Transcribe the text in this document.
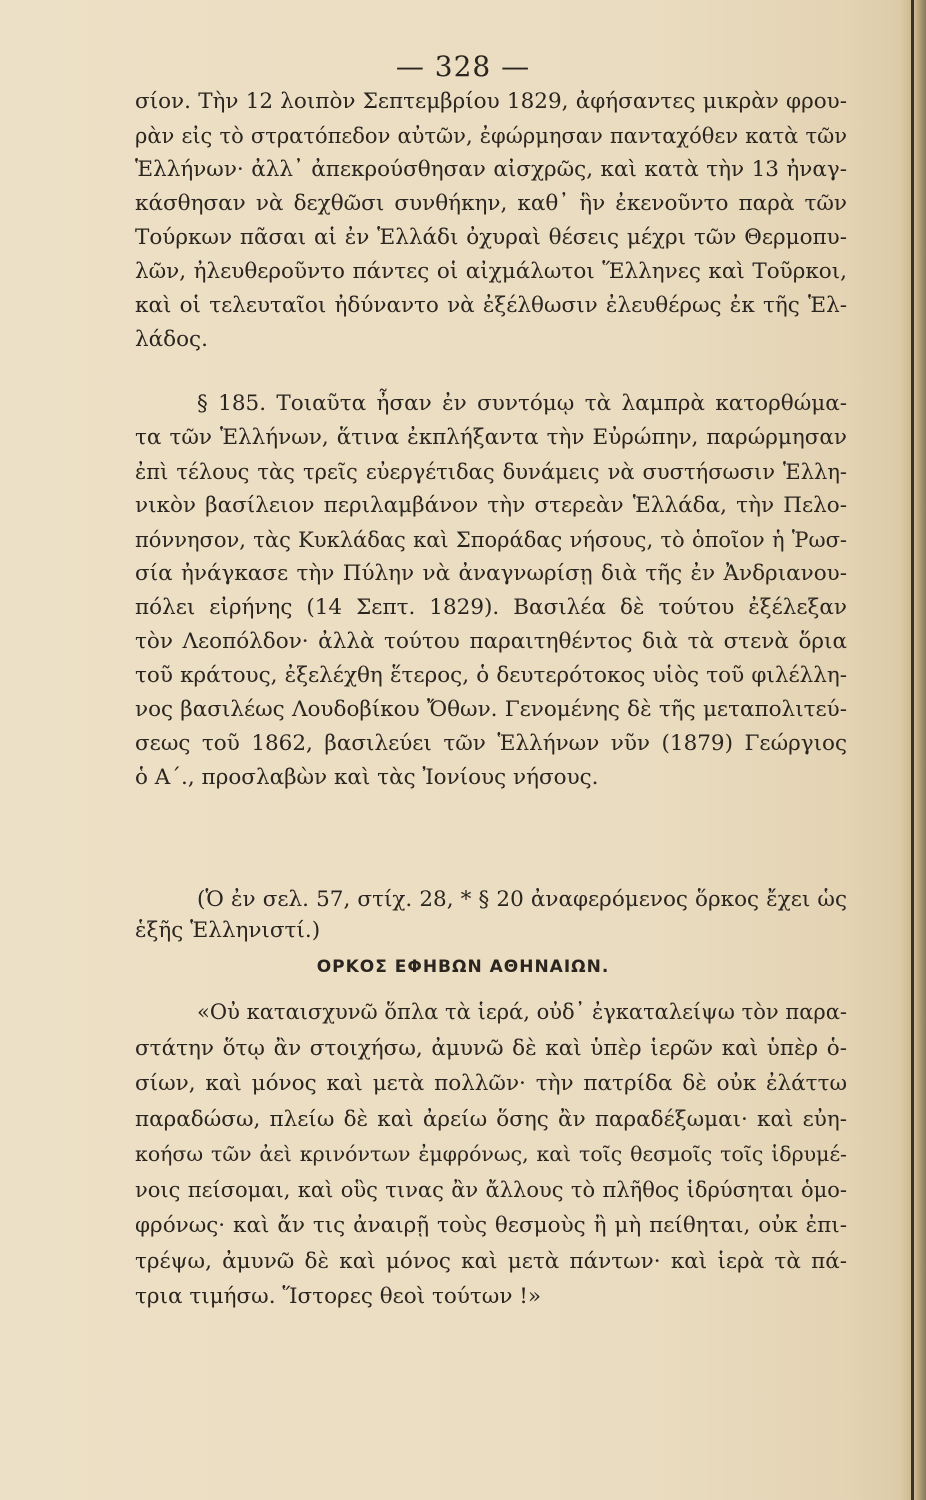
— 328 —
σίον. Τὴν 12 λοιπὸν Σεπτεμβρίου 1829, ἀφήσαντες μικρὰν φρου-
ρὰν εἰς τὸ στρατόπεδον αὐτῶν, ἐφώρμησαν πανταχόθεν κατὰ τῶν
Ἑλλήνων· ἀλλ᾽ ἀπεκρούσθησαν αἰσχρῶς, καὶ κατὰ τὴν 13 ἠναγ-
κάσθησαν νὰ δεχθῶσι συνθήκην, καθ᾽ ἣν ἐκενοῦντο παρὰ τῶν
Τούρκων πᾶσαι αἱ ἐν Ἑλλάδι ὀχυραὶ θέσεις μέχρι τῶν Θερμοπυ-
λῶν, ἠλευθεροῦντο πάντες οἱ αἰχμάλωτοι Ἕλληνες καὶ Τοῦρκοι,
καὶ οἱ τελευταῖοι ἠδύναντο νὰ ἐξέλθωσιν ἐλευθέρως ἐκ τῆς Ἑλ-
λάδος.
§ 185. Τοιαῦτα ἦσαν ἐν συντόμῳ τὰ λαμπρὰ κατορθώμα-
τα τῶν Ἑλλήνων, ἅτινα ἐκπλήξαντα τὴν Εὐρώπην, παρώρμησαν
ἐπὶ τέλους τὰς τρεῖς εὐεργέτιδας δυνάμεις νὰ συστήσωσιν Ἑλλη-
νικὸν βασίλειον περιλαμβάνον τὴν στερεὰν Ἑλλάδα, τὴν Πελο-
πόννησον, τὰς Κυκλάδας καὶ Σποράδας νήσους, τὸ ὁποῖον ἡ Ῥωσ-
σία ἠνάγκασε τὴν Πύλην νὰ ἀναγνωρίσῃ διὰ τῆς ἐν Ἀνδριανου-
πόλει εἰρήνης (14 Σεπτ. 1829). Βασιλέα δὲ τούτου ἐξέλεξαν
τὸν Λεοπόλδον· ἀλλὰ τούτου παραιτηθέντος διὰ τὰ στενὰ ὅρια
τοῦ κράτους, ἐξελέχθη ἕτερος, ὁ δευτερότοκος υἱὸς τοῦ φιλέλλη-
νος βασιλέως Λουδοβίκου Ὄθων. Γενομένης δὲ τῆς μεταπολιτεύ-
σεως τοῦ 1862, βασιλεύει τῶν Ἑλλήνων νῦν (1879) Γεώργιος
ὁ Α΄., προσλαβὼν καὶ τὰς Ἰονίους νήσους.
(Ὁ ἐν σελ. 57, στίχ. 28, * § 20 ἀναφερόμενος ὅρκος ἔχει ὡς
ἑξῆς Ἑλληνιστί.)
ΟΡΚΟΣ ΕΦΗΒΩΝ ΑΘΗΝΑΙΩΝ.
«Οὐ καταισχυνῶ ὅπλα τὰ ἱερά, οὐδ᾽ ἐγκαταλείψω τὸν παρα-
στάτην ὅτῳ ἂν στοιχήσω, ἀμυνῶ δὲ καὶ ὑπὲρ ἱερῶν καὶ ὑπὲρ ὁ-
σίων, καὶ μόνος καὶ μετὰ πολλῶν· τὴν πατρίδα δὲ οὐκ ἐλάττω
παραδώσω, πλείω δὲ καὶ ἀρείω ὅσης ἂν παραδέξωμαι· καὶ εὐη-
κοήσω τῶν ἀεὶ κρινόντων ἐμφρόνως, καὶ τοῖς θεσμοῖς τοῖς ἱδρυμέ-
νοις πείσομαι, καὶ οὓς τινας ἂν ἄλλους τὸ πλῆθος ἱδρύσηται ὁμο-
φρόνως· καὶ ἄν τις ἀναιρῇ τοὺς θεσμοὺς ἢ μὴ πείθηται, οὐκ ἐπι-
τρέψω, ἀμυνῶ δὲ καὶ μόνος καὶ μετὰ πάντων· καὶ ἱερὰ τὰ πά-
τρια τιμήσω. Ἵστορες θεοὶ τούτων !»
